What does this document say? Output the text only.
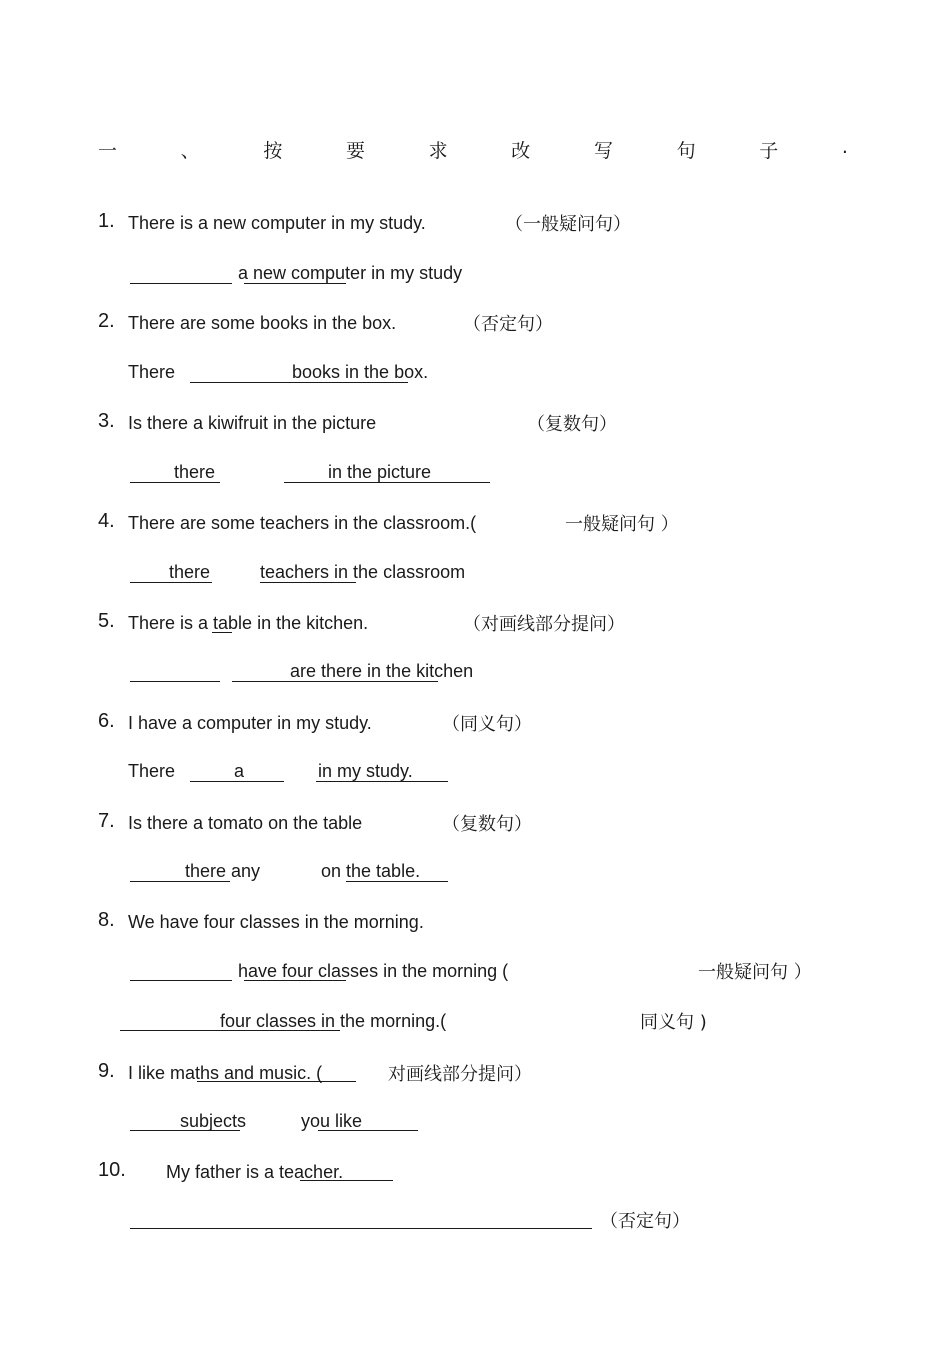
一	、	按	要	求	改	写	句	子	.
1. There is a new computer in my study.	（一般疑问句）
a new computer in my study
2. There are some books in the box.	（否定句）
There	books in the box.
3. Is there a kiwifruit in the picture	（复数句）
there	in the picture
4. There are some teachers in the classroom.(	一般疑问句 ）
there	teachers in the classroom
5. There is a table in the kitchen.	（对画线部分提问）
are there in the kitchen
6. I have a computer in my study.	（同义句）
There	a	in my study.
7. Is there a tomato on the table	（复数句）
there any	on the table.
8. We have four classes in the morning.
have four classes in the morning (	一般疑问句 ）
four classes in the morning.(	同义句 )
9. I like maths and music. (	对画线部分提问）
subjects	you like
10. My father is a teacher.
（否定句）
